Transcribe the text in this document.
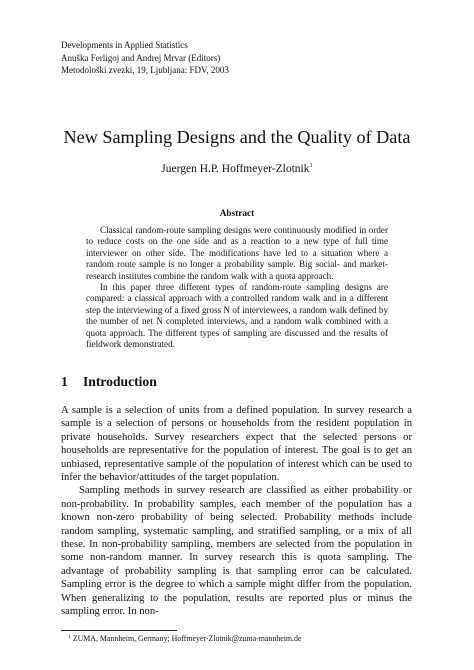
Developments in Applied Statistics
Anuška Ferligoj and Andrej Mrvar (Editors)
Metodološki zvezki, 19, Ljubljana: FDV, 2003
New Sampling Designs and the Quality of Data
Juergen H.P. Hoffmeyer-Zlotnik$^1$
Abstract

Classical random-route sampling designs were continuously modified in order to reduce costs on the one side and as a reaction to a new type of full time interviewer on other side. The modifications have led to a situation where a random route sample is no longer a probability sample. Big social- and market-research institutes combine the random walk with a quota approach.

In this paper three different types of random-route sampling designs are compared: a classical approach with a controlled random walk and in a different step the interviewing of a fixed gross N of interviewees, a random walk defined by the number of net N completed interviews, and a random walk combined with a quota approach. The different types of sampling are discussed and the results of fieldwork demonstrated.

1 Introduction

A sample is a selection of units from a defined population. In survey research a sample is a selection of persons or households from the resident population in private households. Survey researchers expect that the selected persons or households are representative for the population of interest. The goal is to get an unbiased, representative sample of the population of interest which can be used to infer the behavior/attitudes of the target population.

Sampling methods in survey research are classified as either probability or non-probability. In probability samples, each member of the population has a known non-zero probability of being selected. Probability methods include random sampling, systematic sampling, and stratified sampling, or a mix of all these. In non-probability sampling, members are selected from the population in some non-random manner. In survey research this is quota sampling. The advantage of probability sampling is that sampling error can be calculated. Sampling error is the degree to which a sample might differ from the population. When generalizing to the population, results are reported plus or minus the sampling error. In non-

$^1$ ZUMA, Mannheim, Germany; Hoffmeyer-Zlotnik@zuma-mannheim.de
